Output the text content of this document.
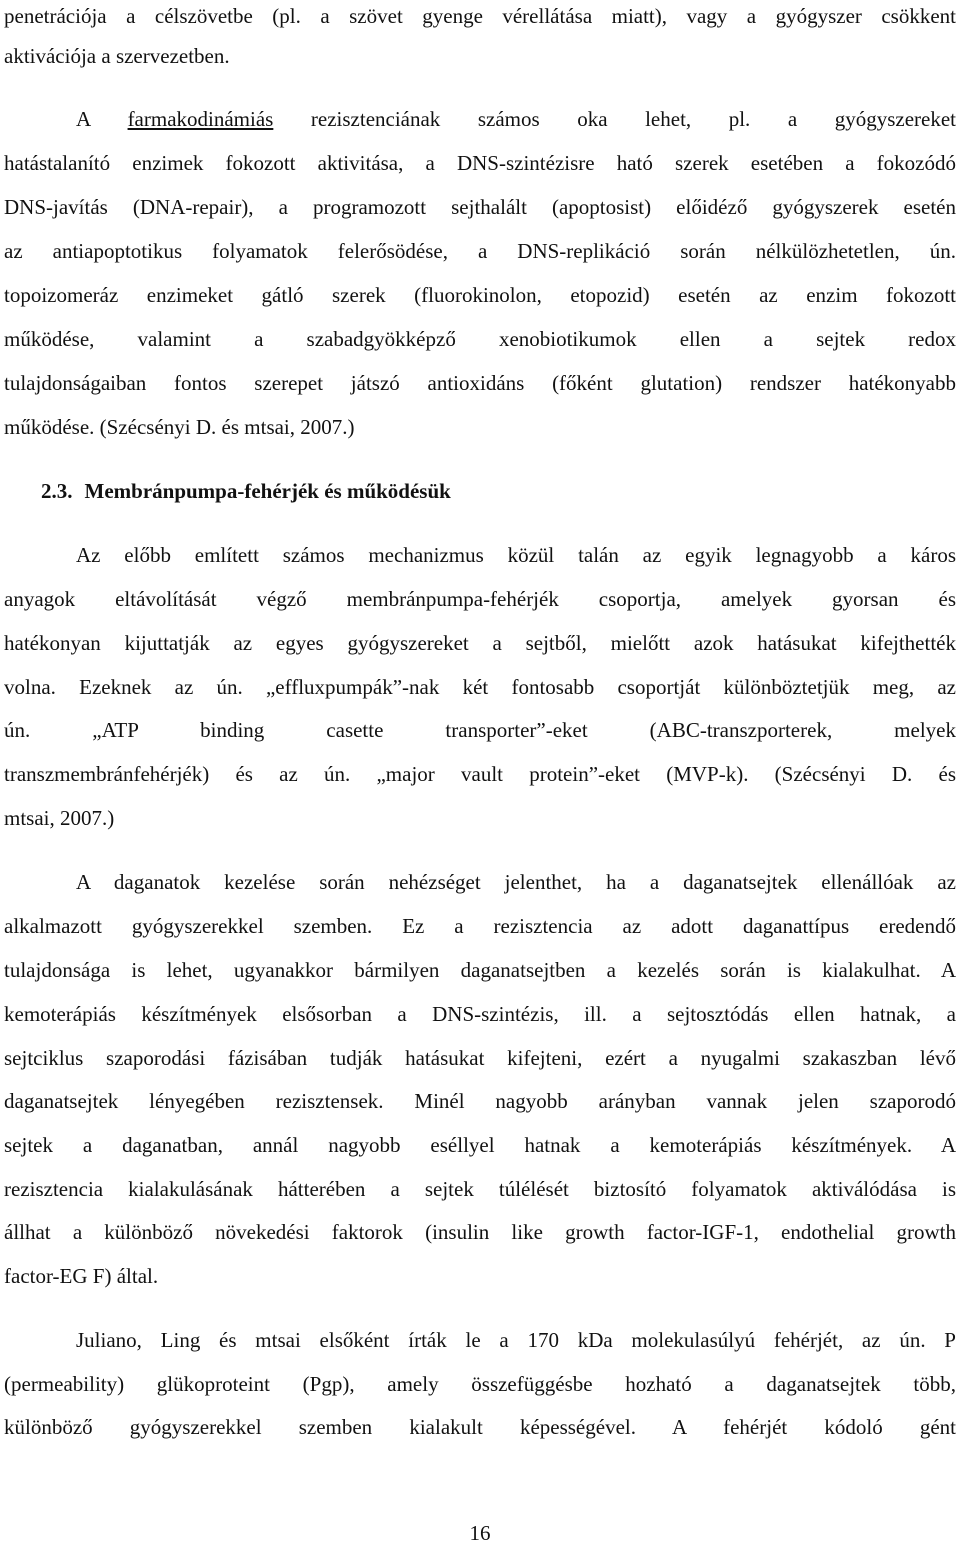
penetrációja a célszövetbe (pl. a szövet gyenge vérellátása miatt), vagy a gyógyszer csökkent
aktivációja a szervezetben.
A farmakodinámiás rezisztenciának számos oka lehet, pl. a gyógyszereket
hatástalanító enzimek fokozott aktivitása, a DNS-szintézisre ható szerek esetében a fokozódó
DNS-javítás (DNA-repair), a programozott sejthalált (apoptosist) előidéző gyógyszerek esetén
az antiapoptotikus folyamatok felerősödése, a DNS-replikáció során nélkülözhetetlen, ún.
topoizomeráz enzimeket gátló szerek (fluorokinolon, etopozid) esetén az enzim fokozott
működése, valamint a szabadgyökképző xenobiotikumok ellen a sejtek redox
tulajdonságaiban fontos szerepet játszó antioxidáns (főként glutation) rendszer hatékonyabb
működése. (Szécsényi D. és mtsai, 2007.)
2.3. Membránpumpa-fehérjék és működésük
Az előbb említett számos mechanizmus közül talán az egyik legnagyobb a káros
anyagok eltávolítását végző membránpumpa-fehérjék csoportja, amelyek gyorsan és
hatékonyan kijuttatják az egyes gyógyszereket a sejtből, mielőtt azok hatásukat kifejthették
volna. Ezeknek az ún. „effluxpumpák”-nak két fontosabb csoportját különböztetjük meg, az
ún. „ATP binding casette transporter”-eket (ABC-transzporterek, melyek
transzmembránfehérjék) és az ún. „major vault protein”-eket (MVP-k). (Szécsényi D. és
mtsai, 2007.)
A daganatok kezelése során nehézséget jelenthet, ha a daganatsejtek ellenállóak az
alkalmazott gyógyszerekkel szemben. Ez a rezisztencia az adott daganattípus eredendő
tulajdonsága is lehet, ugyanakkor bármilyen daganatsejtben a kezelés során is kialakulhat. A
kemoterápiás készítmények elsősorban a DNS-szintézis, ill. a sejtosztódás ellen hatnak, a
sejtciklus szaporodási fázisában tudják hatásukat kifejteni, ezért a nyugalmi szakaszban lévő
daganatsejtek lényegében rezisztensek. Minél nagyobb arányban vannak jelen szaporodó
sejtek a daganatban, annál nagyobb eséllyel hatnak a kemoterápiás készítmények. A
rezisztencia kialakulásának hátterében a sejtek túlélését biztosító folyamatok aktiválódása is
állhat a különböző növekedési faktorok (insulin like growth factor-IGF-1, endothelial growth
factor-EG F) által.
Juliano, Ling és mtsai elsőként írták le a 170 kDa molekulasúlyú fehérjét, az ún. P
(permeability) glükoproteint (Pgp), amely összefüggésbe hozható a daganatsejtek több,
különböző gyógyszerekkel szemben kialakult képességével. A fehérjét kódoló gént
16
